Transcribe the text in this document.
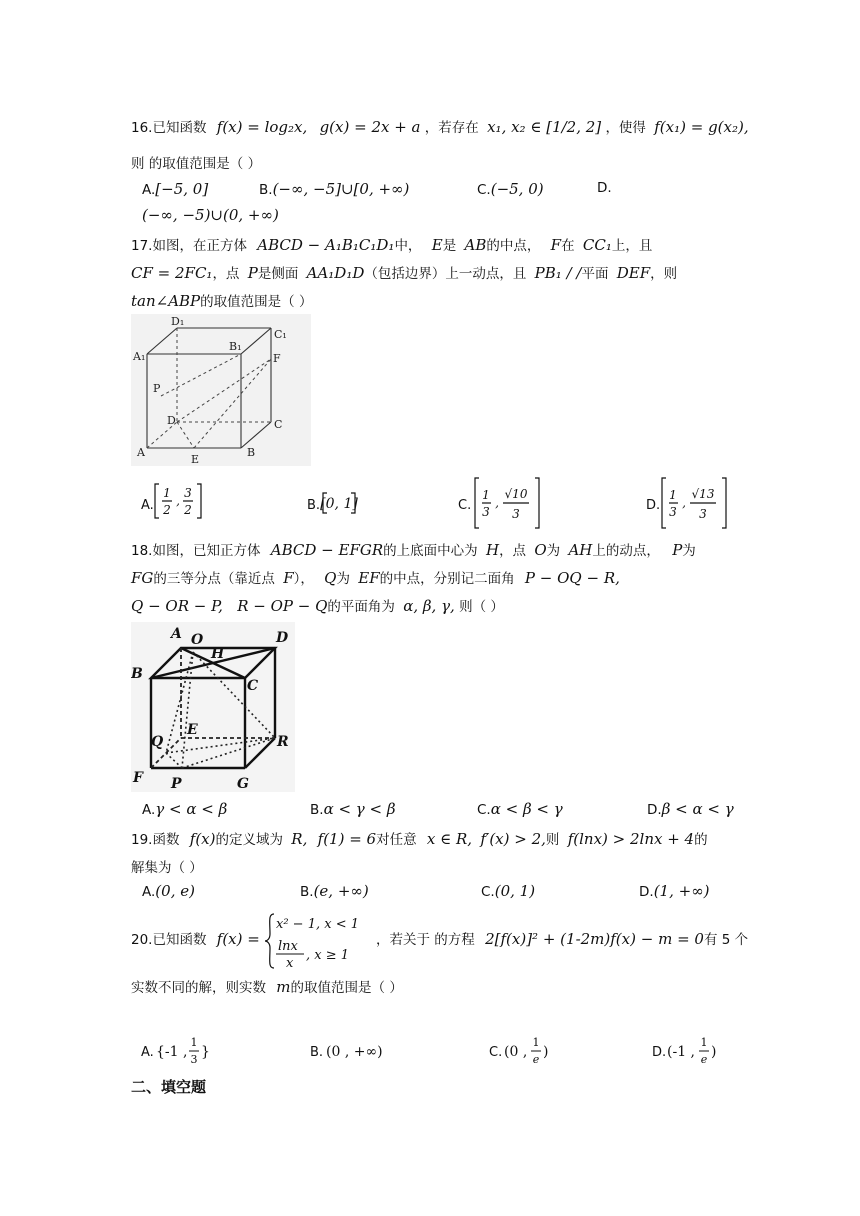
16.已知函数 f(x) = log₂x, g(x) = 2x + a ，若存在 x₁, x₂ ∈ [1/2, 2] ，使得 f(x₁) = g(x₂),
则 的取值范围是（ ）
A.[−5, 0]	B.(−∞, −5]∪[0, +∞)	C.(−5, 0)	D.
(−∞, −5)∪(0, +∞)
17.如图，在正方体 ABCD − A₁B₁C₁D₁中， E是 AB的中点， F在 CC₁上，且
CF = 2FC₁，点 P是侧面 AA₁D₁D（包括边界）上一动点，且 PB₁ / /平面 DEF，则
tan∠ABP的取值范围是（ ）
D₁
C₁
A₁
B₁
F
P
D	C
A
E
B
A.	B.	C.	D.
1
2
,
3
2	[0, 1]
1
3
,
√10
3
1
3
,
√13
3
18.如图，已知正方体 ABCD − EFGR的上底面中心为 H，点 O为 AH上的动点， P为
FG的三等分点（靠近点 F）， Q为 EF的中点，分别记二面角 P − OQ − R,
Q − OR − P, R − OP − Q的平面角为 α, β, γ, 则（ ）
A O	D
H
B
C
E
Q	R
F P	G
A.γ < α < β	B.α < γ < β	C.α < β < γ	D.β < α < γ
19.函数 f(x)的定义域为 R, f(1) = 6对任意 x ∈ R, f′(x) > 2,则 f(lnx) > 2lnx + 4的
解集为（ ）
A.(0, e)	B.(e, +∞)	C.(0, 1)	D.(1, +∞)
20.已知函数 f(x) =
x² − 1, x < 1
lnx
x
, x ≥ 1
，若关于 的方程 2[f(x)]² + (1-2m)f(x) − m = 0有 5 个
实数不同的解，则实数 m的取值范围是（ ）
A.	B.	C.	D.
{-1 , }	(0 , +∞)	(0 , )	(-1 , )
1
3
1
e
1
e
二、填空题
